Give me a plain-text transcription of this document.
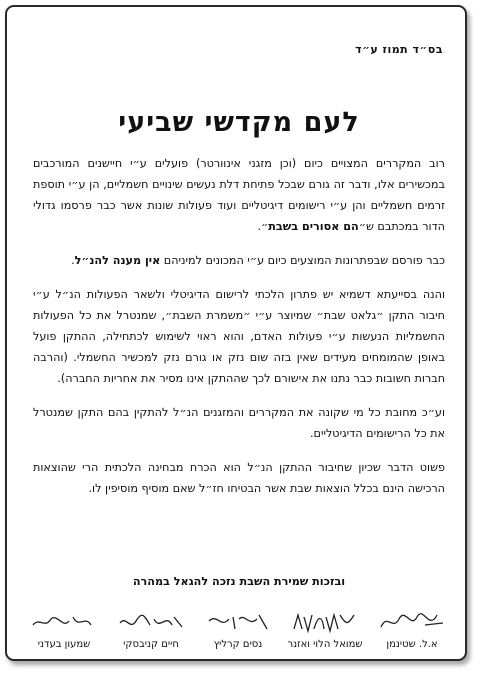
בס״ד תמוז ע״ד
לעם מקדשי שביעי

רוב המקררים המצויים כיום (וכן מזגני אינוורטר) פועלים ע״י חיישנים המורכבים במכשירים אלו, ודבר זה גורם שבכל פתיחת דלת נעשים שינויים חשמליים, הן ע״י תוספת זרמים חשמליים והן ע״י רישומים דיגיטליים ועוד פעולות שונות אשר כבר פרסמו גדולי הדור במכתבם ש״הם אסורים בשבת״.

כבר פורסם שבפתרונות המוצעים כיום ע״י המכונים למיניהם אין מענה להנ״ל.

והנה בסייעתא דשמיא יש פתרון הלכתי לרישום הדיגיטלי ולשאר הפעולות הנ״ל ע״י חיבור התקן ״גלאט שבת״ שמיוצר ע״י ״משמרת השבת״, שמנטרל את כל הפעולות החשמליות הנעשות ע״י פעולות האדם, והוא ראוי לשימוש לכתחילה, ההתקן פועל באופן שהמומחים מעידים שאין בזה שום נזק או גורם נזק למכשיר החשמלי. (והרבה חברות חשובות כבר נתנו את אישורם לכך שההתקן אינו מסיר את אחריות החברה).

וע״כ מחובת כל מי שקונה את המקררים והמזגנים הנ״ל להתקין בהם התקן שמנטרל את כל הרישומים הדיגיטליים.

פשוט הדבר שכיון שחיבור ההתקן הנ״ל הוא הכרח מבחינה הלכתית הרי שהוצאות הרכישה הינם בכלל הוצאות שבת אשר הבטיחו חז״ל שאם מוסיף מוסיפין לו.

ובזכות שמירת השבת נזכה להגאל במהרה
א.ל. שטינמן
שמואל הלוי ואזנר
נסים קרליץ
חיים קניבסקי
שמעון בעדני
